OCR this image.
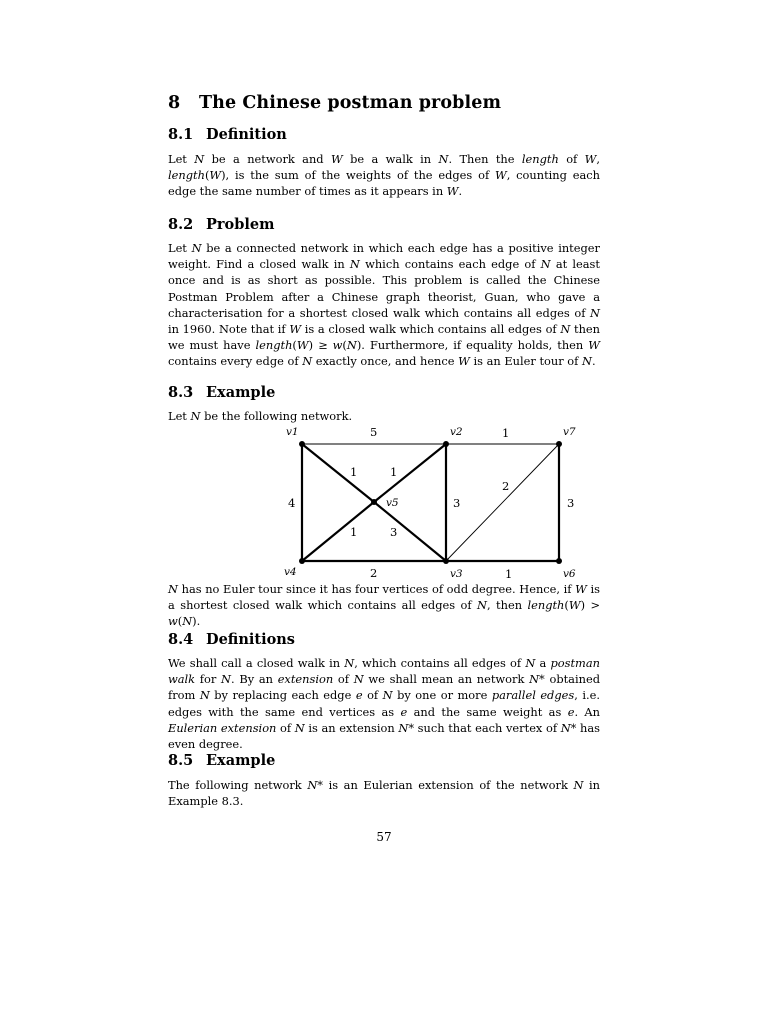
8 The Chinese postman problem
8.1 Definition
Let N be a network and W be a walk in N. Then the length of W, length(W), is the sum of the weights of the edges of W, counting each edge the same number of times as it appears in W.
8.2 Problem
Let N be a connected network in which each edge has a positive integer weight. Find a closed walk in N which contains each edge of N at least once and is as short as possible. This problem is called the Chinese Postman Problem after a Chinese graph theorist, Guan, who gave a characterisation for a shortest closed walk which contains all edges of N in 1960. Note that if W is a closed walk which contains all edges of N then we must have length(W) ≥ w(N). Furthermore, if equality holds, then W contains every edge of N exactly once, and hence W is an Euler tour of N.
8.3 Example
Let N be the following network.
v1	v2	v7
v5
v4	v3	v6
5	1
4
2	1
3	3
2
1	1
1	3
N has no Euler tour since it has four vertices of odd degree. Hence, if W is a shortest closed walk which contains all edges of N, then length(W) > w(N).
8.4 Definitions
We shall call a closed walk in N, which contains all edges of N a postman walk for N. By an extension of N we shall mean an network N* obtained from N by replacing each edge e of N by one or more parallel edges, i.e. edges with the same end vertices as e and the same weight as e. An Eulerian extension of N is an extension N* such that each vertex of N* has even degree.
8.5 Example
The following network N* is an Eulerian extension of the network N in Example 8.3.
57
